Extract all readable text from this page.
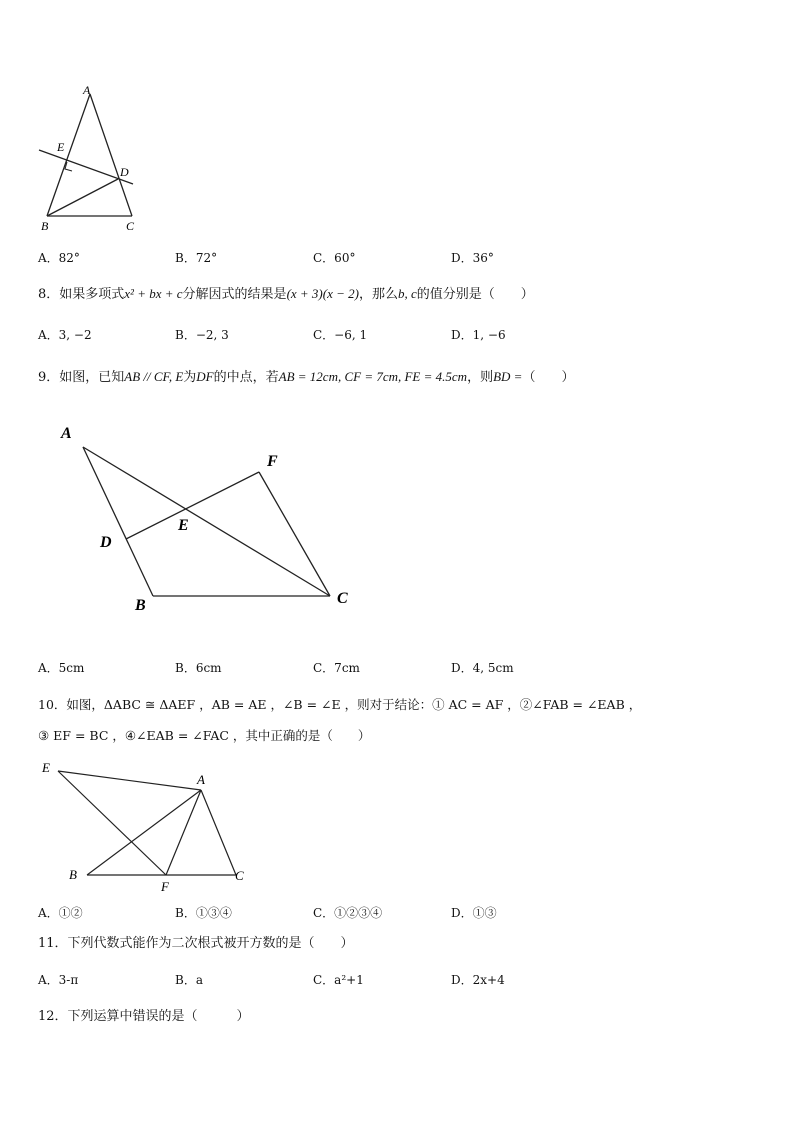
A
E
D
B	C
A．82°	B．72°	C．60°	D．36°
8．如果多项式x² + bx + c分解因式的结果是(x + 3)(x − 2)，那么b, c的值分别是（　　）
A．3, −2	B．−2, 3	C．−6, 1	D．1, −6
9．如图，已知AB // CF, E为DF的中点，若AB = 12cm, CF = 7cm, FE = 4.5cm，则BD =（　　）
A
F
E
D
B	C
A．5cm	B．6cm	C．7cm	D．4, 5cm
10．如图，ΔABC ≅ ΔAEF ，AB = AE ，∠B = ∠E ，则对于结论：① AC = AF ，②∠FAB = ∠EAB ，
③ EF = BC ，④∠EAB = ∠FAC ，其中正确的是（　　）
E
A
B
F
C
A．①②	B．①③④	C．①②③④	D．①③
11．下列代数式能作为二次根式被开方数的是（　　）
A．3-π	B．a	C．a²+1	D．2x+4
12．下列运算中错误的是（　　　）
